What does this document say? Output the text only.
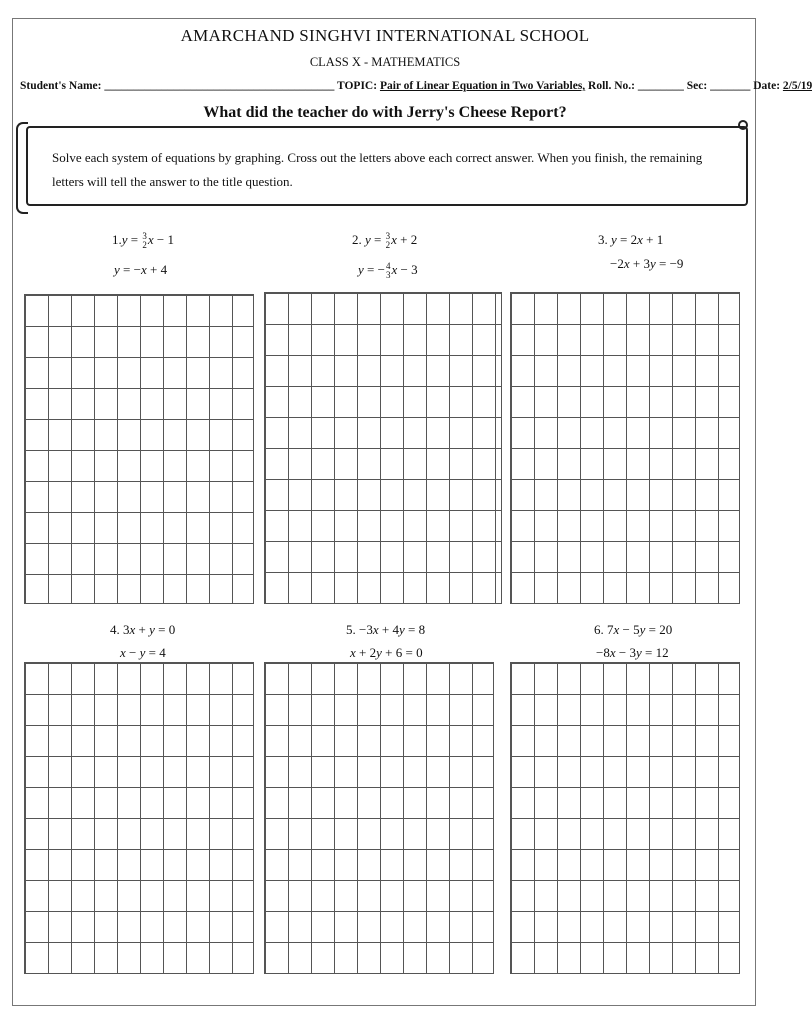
AMARCHAND SINGHVI INTERNATIONAL SCHOOL
CLASS X - MATHEMATICS
Student's Name: ________________________________________ TOPIC: Pair of Linear Equation in Two Variables, Roll. No.: ________ Sec: _______ Date: 2/5/19
What did the teacher do with Jerry's Cheese Report?
Solve each system of equations by graphing. Cross out the letters above each correct answer. When you finish, the remaining letters will tell the answer to the title question.
1.y = 3
2 x − 1
y = −x + 4
2. y = 3
2 x + 2
y = − 4
3 x − 3
3. y = 2x + 1
−2x + 3y = −9
4. 3x + y = 0
x − y = 4
5. −3x + 4y = 8
x + 2y + 6 = 0
6. 7x − 5y = 20
−8x − 3y = 12
